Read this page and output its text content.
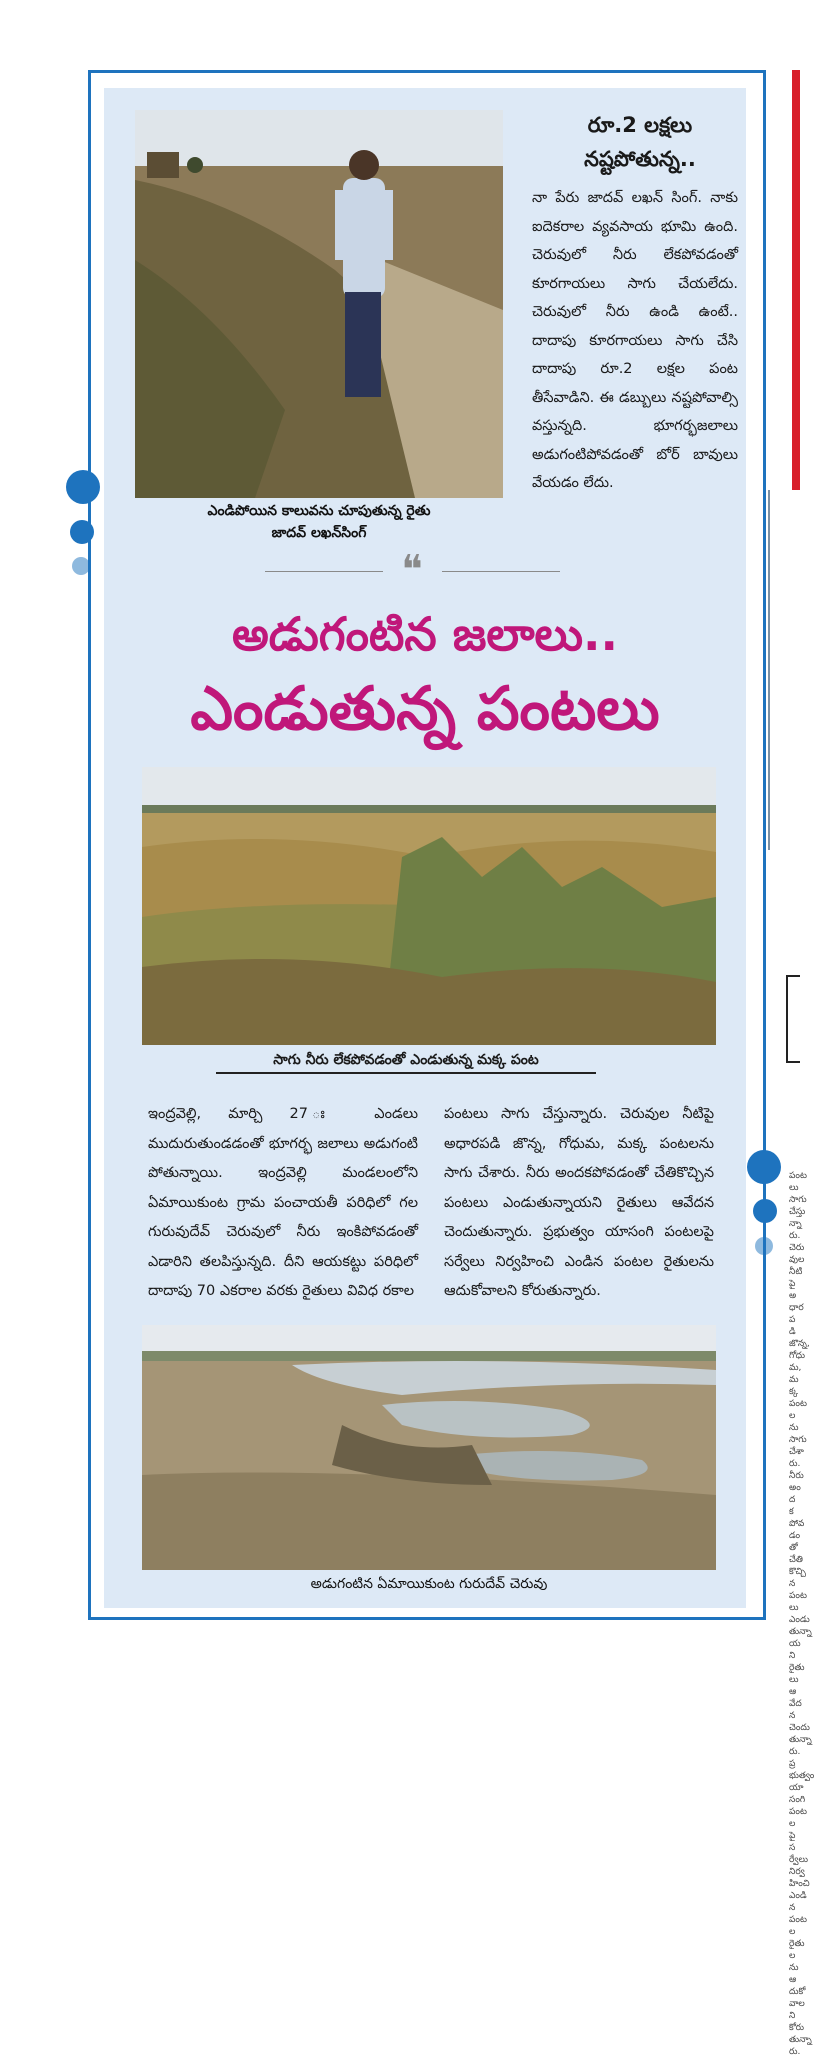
పంటలు సాగు చేస్తున్నారు. చెరువుల నీటిపై అధారపడి జొన్న, గోధుమ, మక్క పంటలను సాగు చేశారు. నీరు అందకపోవడంతో చేతికొచ్చిన పంటలు ఎండుతున్నాయని రైతులు ఆవేదన చెందుతున్నారు. ప్రభుత్వం యాసంగి పంటలపై సర్వేలు నిర్వహించి ఎండిన పంటల రైతులను ఆదుకోవాలని కోరుతున్నారు.
ఎండిపోయిన కాలువను చూపుతున్న రైతు
జాదవ్ లఖన్‌సింగ్
రూ.2 లక్షలు నష్టపోతున్న..
నా పేరు జాదవ్ లఖన్ సింగ్. నాకు ఐదెకరాల వ్యవసాయ భూమి ఉంది. చెరువులో నీరు లేకపోవడంతో కూరగాయలు సాగు చేయలేదు. చెరువులో నీరు ఉండి ఉంటే.. దాదాపు కూరగాయలు సాగు చేసి దాదాపు రూ.2 లక్షల పంట తీసేవాడిని. ఈ డబ్బులు నష్టపోవాల్సి వస్తున్నది. భూగర్భజలాలు అడుగంటిపోవడంతో బోర్ బావులు వేయడం లేదు.
❝
అడుగంటిన జలాలు..
ఎండుతున్న పంటలు
సాగు నీరు లేకపోవడంతో ఎండుతున్న మక్క పంట
ఇంద్రవెల్లి, మార్చి 27 ః ఎండలు ముదురుతుండడంతో భూగర్భ జలాలు అడుగంటి పోతున్నాయి. ఇంద్రవెల్లి మండలంలోని ఏమాయికుంట గ్రామ పంచాయతీ పరిధిలో గల గురువుదేవ్ చెరువులో నీరు ఇంకిపోవడంతో ఎడారిని తలపిస్తున్నది. దీని ఆయకట్టు పరిధిలో దాదాపు 70 ఎకరాల వరకు రైతులు వివిధ రకాల
పంటలు సాగు చేస్తున్నారు. చెరువుల నీటిపై అధారపడి జొన్న, గోధుమ, మక్క పంటలను సాగు చేశారు. నీరు అందకపోవడంతో చేతికొచ్చిన పంటలు ఎండుతున్నాయని రైతులు ఆవేదన చెందుతున్నారు. ప్రభుత్వం యాసంగి పంటలపై సర్వేలు నిర్వహించి ఎండిన పంటల రైతులను ఆదుకోవాలని కోరుతున్నారు.
అడుగంటిన ఏమాయికుంట గురుదేవ్ చెరువు
